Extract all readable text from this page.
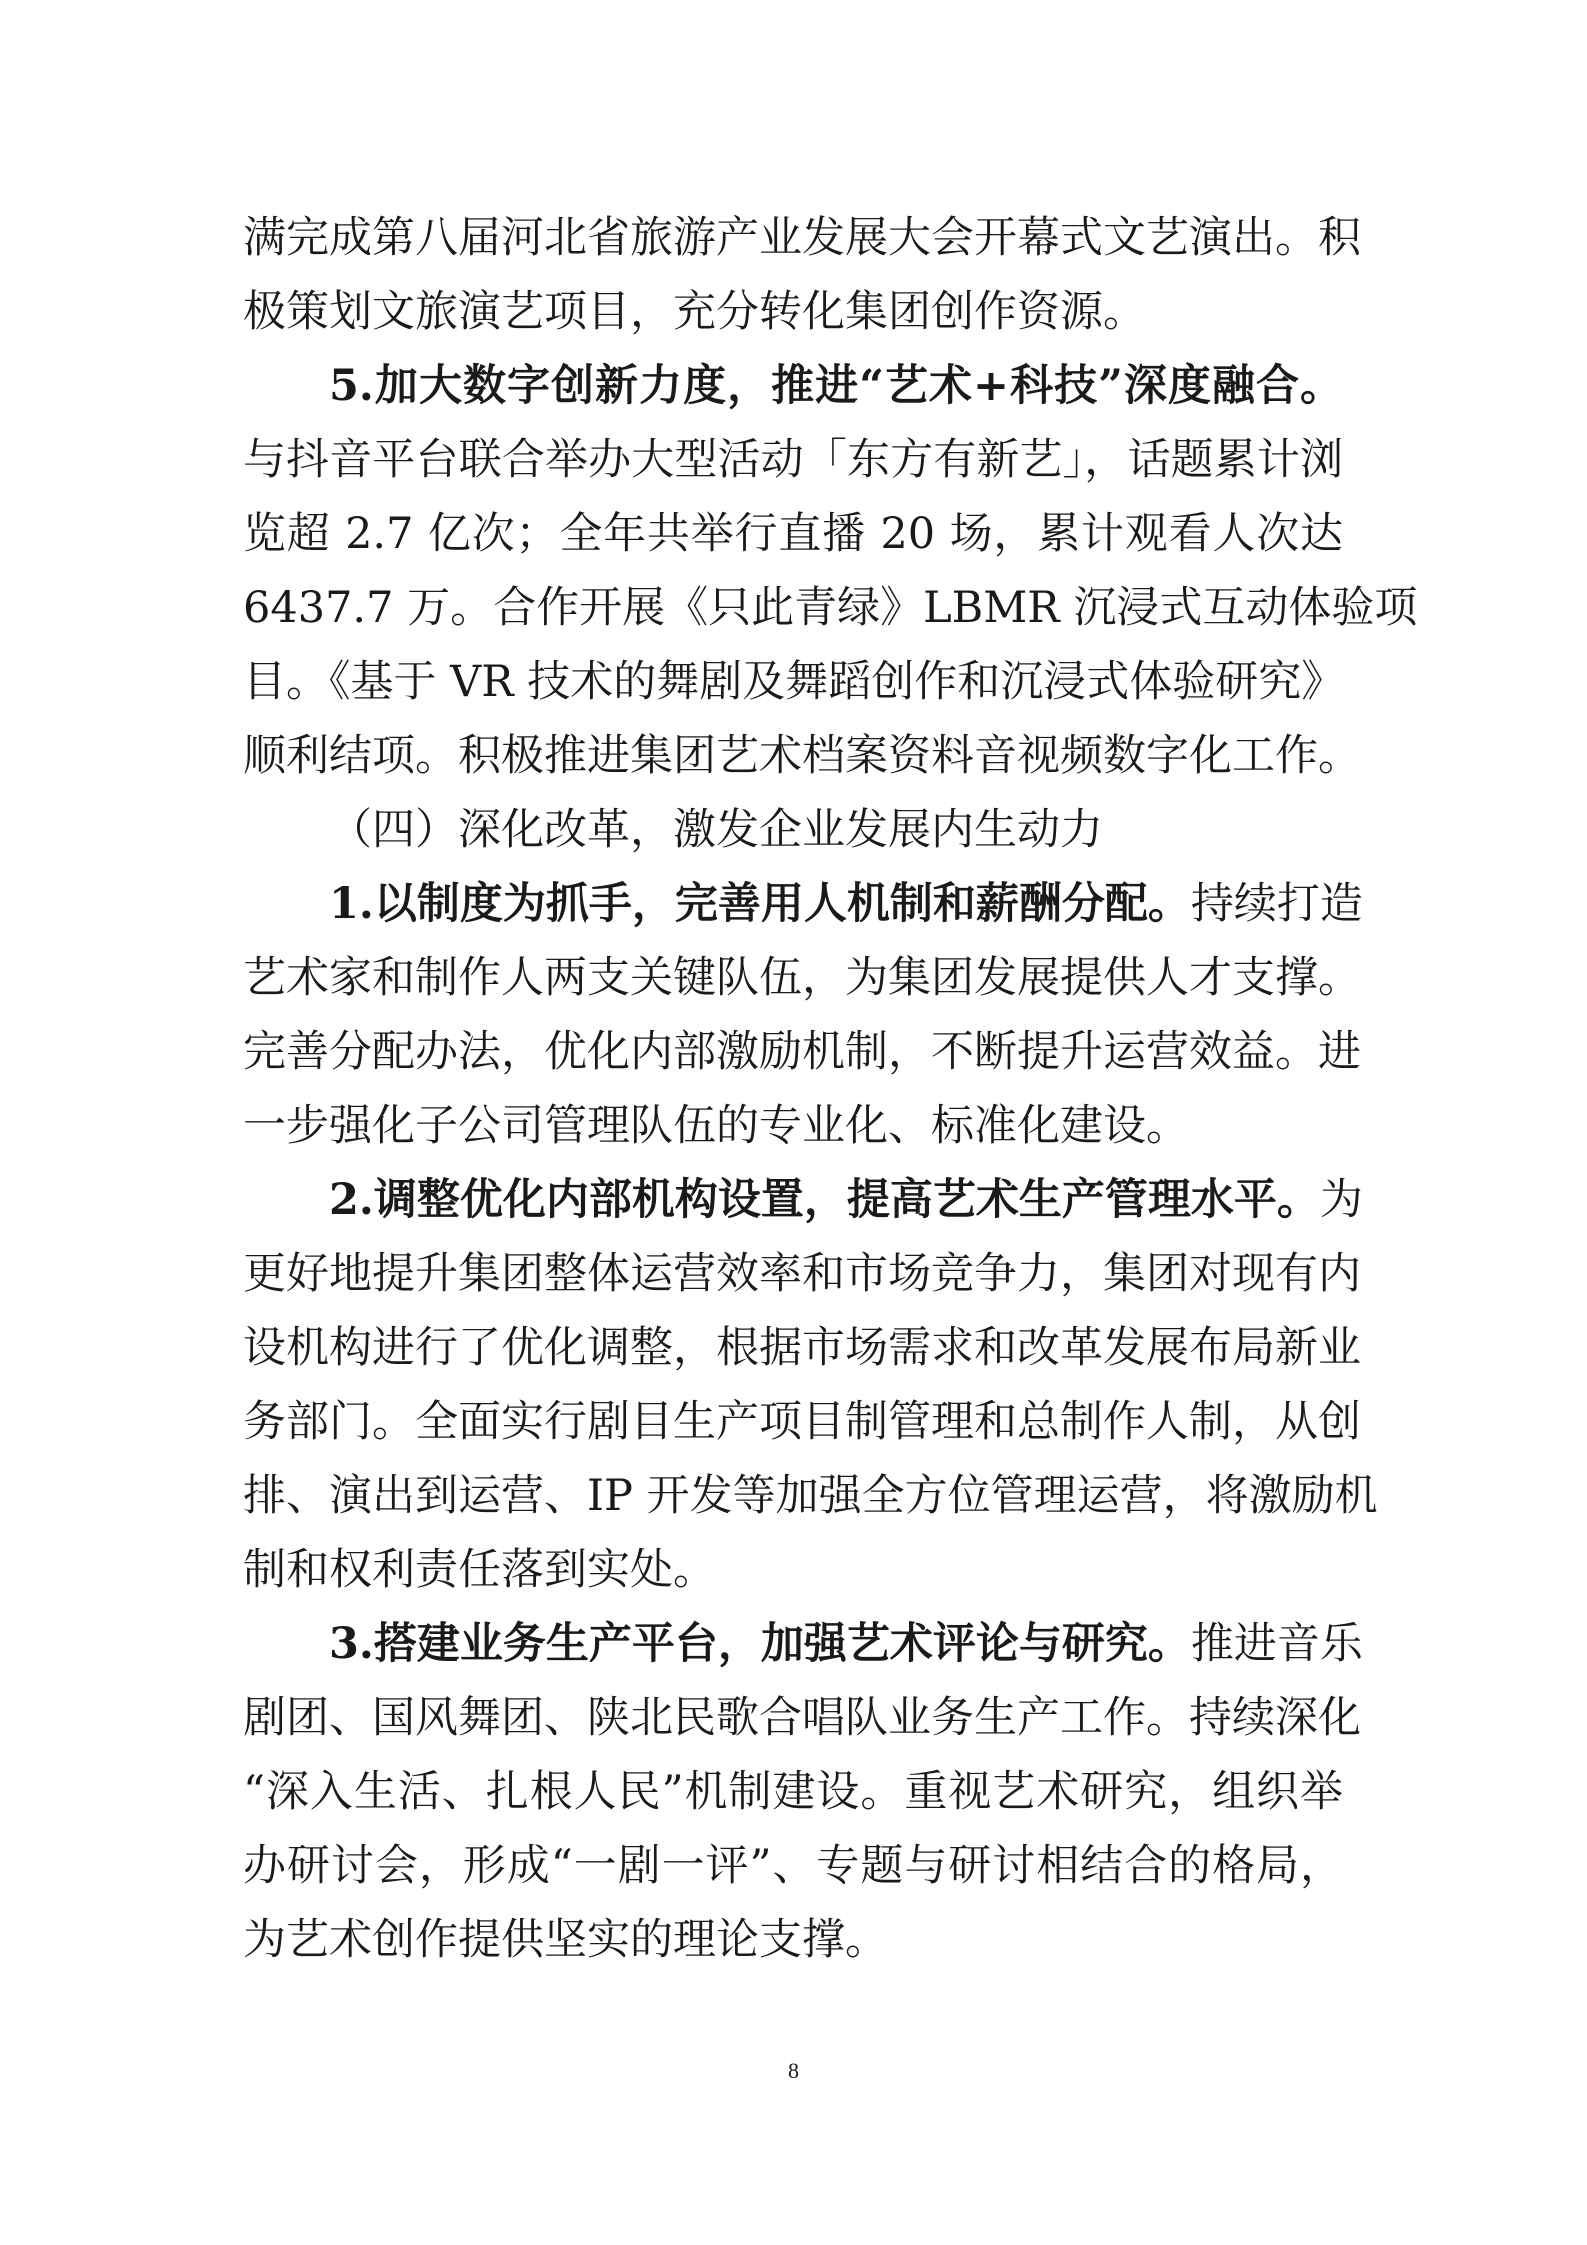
满完成第八届河北省旅游产业发展大会开幕式文艺演出。积
极策划文旅演艺项目，充分转化集团创作资源。
5.加大数字创新力度，推进“艺术+科技”深度融合。
与抖音平台联合举办大型活动「东方有新艺」，话题累计浏
览超 2.7 亿次；全年共举行直播 20 场，累计观看人次达
6437.7 万。合作开展《只此青绿》LBMR 沉浸式互动体验项
目。《基于 VR 技术的舞剧及舞蹈创作和沉浸式体验研究》
顺利结项。积极推进集团艺术档案资料音视频数字化工作。
（四）深化改革，激发企业发展内生动力
1.以制度为抓手，完善用人机制和薪酬分配。持续打造
艺术家和制作人两支关键队伍，为集团发展提供人才支撑。
完善分配办法，优化内部激励机制，不断提升运营效益。进
一步强化子公司管理队伍的专业化、标准化建设。
2.调整优化内部机构设置，提高艺术生产管理水平。为
更好地提升集团整体运营效率和市场竞争力，集团对现有内
设机构进行了优化调整，根据市场需求和改革发展布局新业
务部门。全面实行剧目生产项目制管理和总制作人制，从创
排、演出到运营、IP 开发等加强全方位管理运营，将激励机
制和权利责任落到实处。
3.搭建业务生产平台，加强艺术评论与研究。推进音乐
剧团、国风舞团、陕北民歌合唱队业务生产工作。持续深化
“深入生活、扎根人民”机制建设。重视艺术研究，组织举
办研讨会，形成“一剧一评”、专题与研讨相结合的格局，
为艺术创作提供坚实的理论支撑。
8
